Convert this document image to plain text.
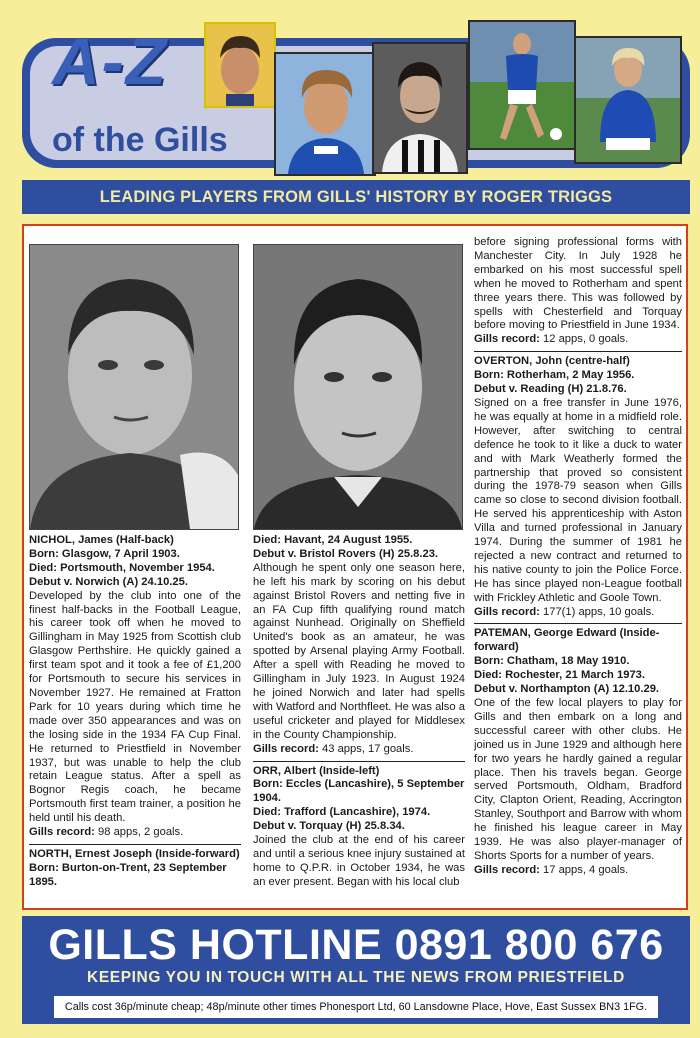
A-Z
of the Gills
LEADING PLAYERS FROM GILLS' HISTORY BY ROGER TRIGGS
NICHOL, James (Half-back)
Born: Glasgow, 7 April 1903.
Died: Portsmouth, November 1954.
Debut v. Norwich (A) 24.10.25.
Developed by the club into one of the finest half-backs in the Football League, his career took off when he moved to Gillingham in May 1925 from Scottish club Glasgow Perthshire. He quickly gained a first team spot and it took a fee of £1,200 for Portsmouth to secure his services in November 1927. He remained at Fratton Park for 10 years during which time he made over 350 appearances and was on the losing side in the 1934 FA Cup Final. He returned to Priestfield in November 1937, but was unable to help the club retain League status. After a spell as Bognor Regis coach, he became Portsmouth first team trainer, a position he held until his death.
Gills record: 98 apps, 2 goals.
NORTH, Ernest Joseph (Inside-forward)
Born: Burton-on-Trent, 23 September 1895.
Died: Havant, 24 August 1955.
Debut v. Bristol Rovers (H) 25.8.23.
Although he spent only one season here, he left his mark by scoring on his debut against Bristol Rovers and netting five in an FA Cup fifth qualifying round match against Nunhead. Originally on Sheffield United's book as an amateur, he was spotted by Arsenal playing Army Football. After a spell with Reading he moved to Gillingham in July 1923. In August 1924 he joined Norwich and later had spells with Watford and Northfleet. He was also a useful cricketer and played for Middlesex in the County Championship.
Gills record: 43 apps, 17 goals.
ORR, Albert (Inside-left)
Born: Eccles (Lancashire), 5 September 1904.
Died: Trafford (Lancashire), 1974.
Debut v. Torquay (H) 25.8.34.
Joined the club at the end of his career and until a serious knee injury sustained at home to Q.P.R. in October 1934, he was an ever present. Began with his local club
before signing professional forms with Manchester City. In July 1928 he embarked on his most successful spell when he moved to Rotherham and spent three years there. This was followed by spells with Chesterfield and Torquay before moving to Priestfield in June 1934.
Gills record: 12 apps, 0 goals.
OVERTON, John (centre-half)
Born: Rotherham, 2 May 1956.
Debut v. Reading (H) 21.8.76.
Signed on a free transfer in June 1976, he was equally at home in a midfield role. However, after switching to central defence he took to it like a duck to water and with Mark Weatherly formed the partnership that proved so consistent during the 1978-79 season when Gills came so close to second division football. He served his apprenticeship with Aston Villa and turned professional in January 1974. During the summer of 1981 he rejected a new contract and returned to his native county to join the Police Force. He has since played non-League football with Frickley Athletic and Goole Town.
Gills record: 177(1) apps, 10 goals.
PATEMAN, George Edward (Inside-forward)
Born: Chatham, 18 May 1910.
Died: Rochester, 21 March 1973.
Debut v. Northampton (A) 12.10.29.
One of the few local players to play for Gills and then embark on a long and successful career with other clubs. He joined us in June 1929 and although here for two years he hardly gained a regular place. Then his travels began. George served Portsmouth, Oldham, Bradford City, Clapton Orient, Reading, Accrington Stanley, Southport and Barrow with whom he finished his league career in May 1939. He was also player-manager of Shorts Sports for a number of years.
Gills record: 17 apps, 4 goals.
GILLS HOTLINE 0891 800 676
KEEPING YOU IN TOUCH WITH ALL THE NEWS FROM PRIESTFIELD
Calls cost 36p/minute cheap; 48p/minute other times Phonesport Ltd, 60 Lansdowne Place, Hove, East Sussex BN3 1FG.
